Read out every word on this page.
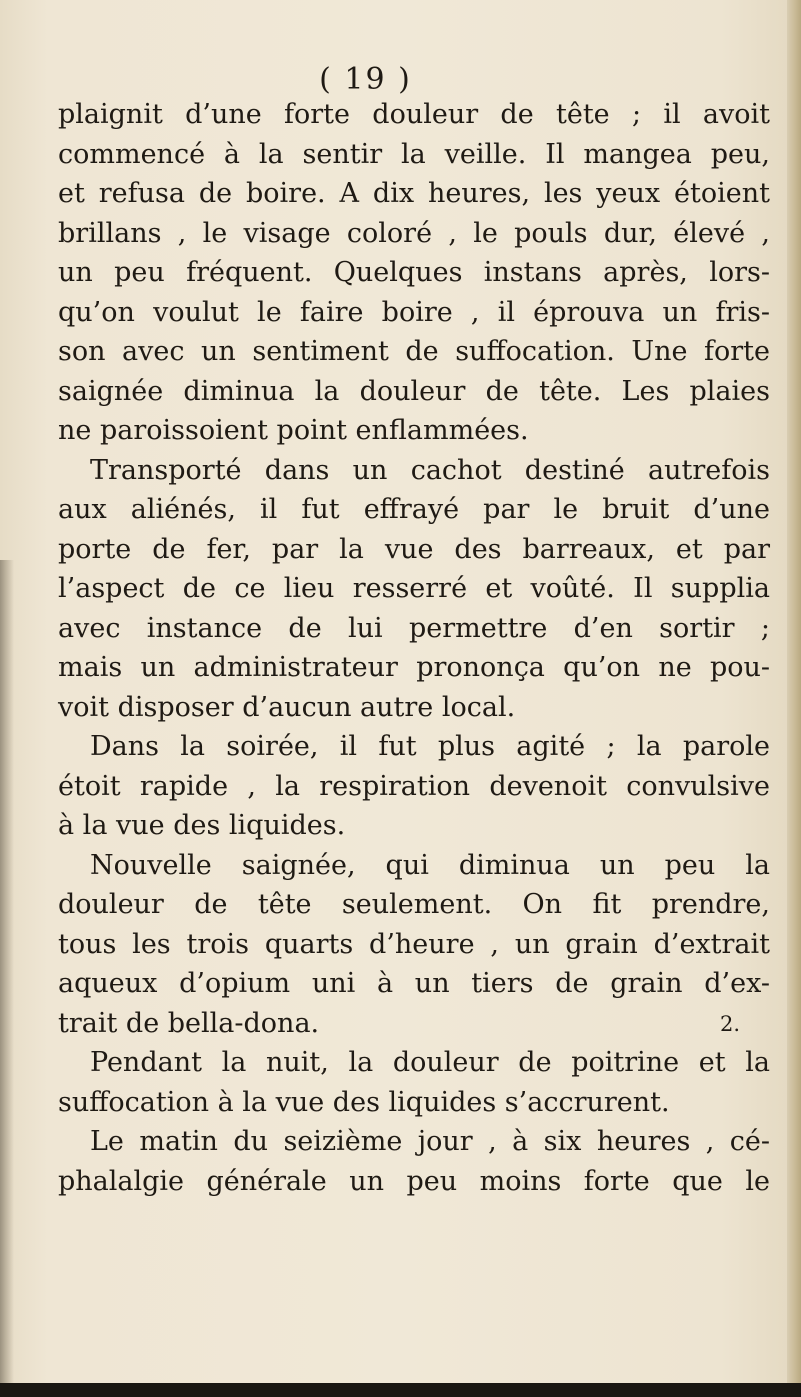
( 19 )
plaignit d’une forte douleur de tête ; il avoit
commencé à la sentir la veille. Il mangea peu,
et refusa de boire. A dix heures, les yeux étoient
brillans , le visage coloré , le pouls dur, élevé ,
un peu fréquent. Quelques instans après, lors-
qu’on voulut le faire boire , il éprouva un fris-
son avec un sentiment de suffocation. Une forte
saignée diminua la douleur de tête. Les plaies
ne paroissoient point enflammées.
Transporté dans un cachot destiné autrefois
aux aliénés, il fut effrayé par le bruit d’une
porte de fer, par la vue des barreaux, et par
l’aspect de ce lieu resserré et voûté. Il supplia
avec instance de lui permettre d’en sortir ;
mais un administrateur prononça qu’on ne pou-
voit disposer d’aucun autre local.
Dans la soirée, il fut plus agité ; la parole
étoit rapide , la respiration devenoit convulsive
à la vue des liquides.
Nouvelle saignée, qui diminua un peu la
douleur de tête seulement. On fit prendre,
tous les trois quarts d’heure , un grain d’extrait
aqueux d’opium uni à un tiers de grain d’ex-
trait de bella-dona.
Pendant la nuit, la douleur de poitrine et la
suffocation à la vue des liquides s’accrurent.
Le matin du seizième jour , à six heures , cé-
phalalgie générale un peu moins forte que le
2.
